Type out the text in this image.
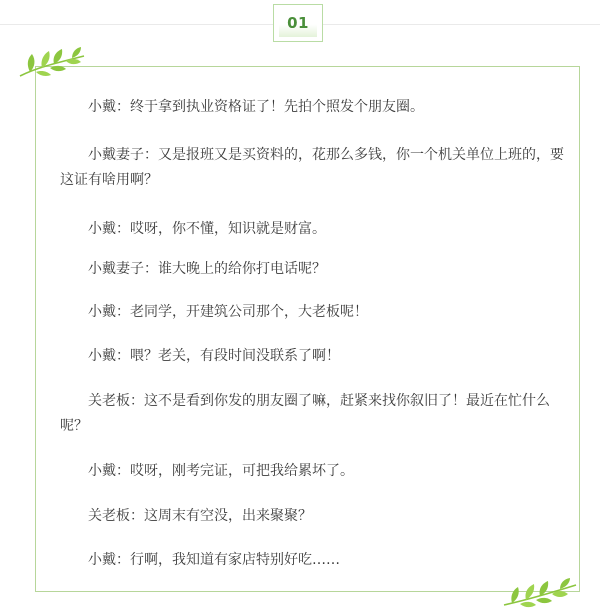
01

小戴：终于拿到执业资格证了！先拍个照发个朋友圈。

小戴妻子：又是报班又是买资料的，花那么多钱，你一个机关单位上班的，要这证有啥用啊？

小戴：哎呀，你不懂，知识就是财富。

小戴妻子：谁大晚上的给你打电话呢？

小戴：老同学，开建筑公司那个，大老板呢！

小戴：喂？老关，有段时间没联系了啊！

关老板：这不是看到你发的朋友圈了嘛，赶紧来找你叙旧了！最近在忙什么呢？

小戴：哎呀，刚考完证，可把我给累坏了。

关老板：这周末有空没，出来聚聚？

小戴：行啊，我知道有家店特别好吃……
